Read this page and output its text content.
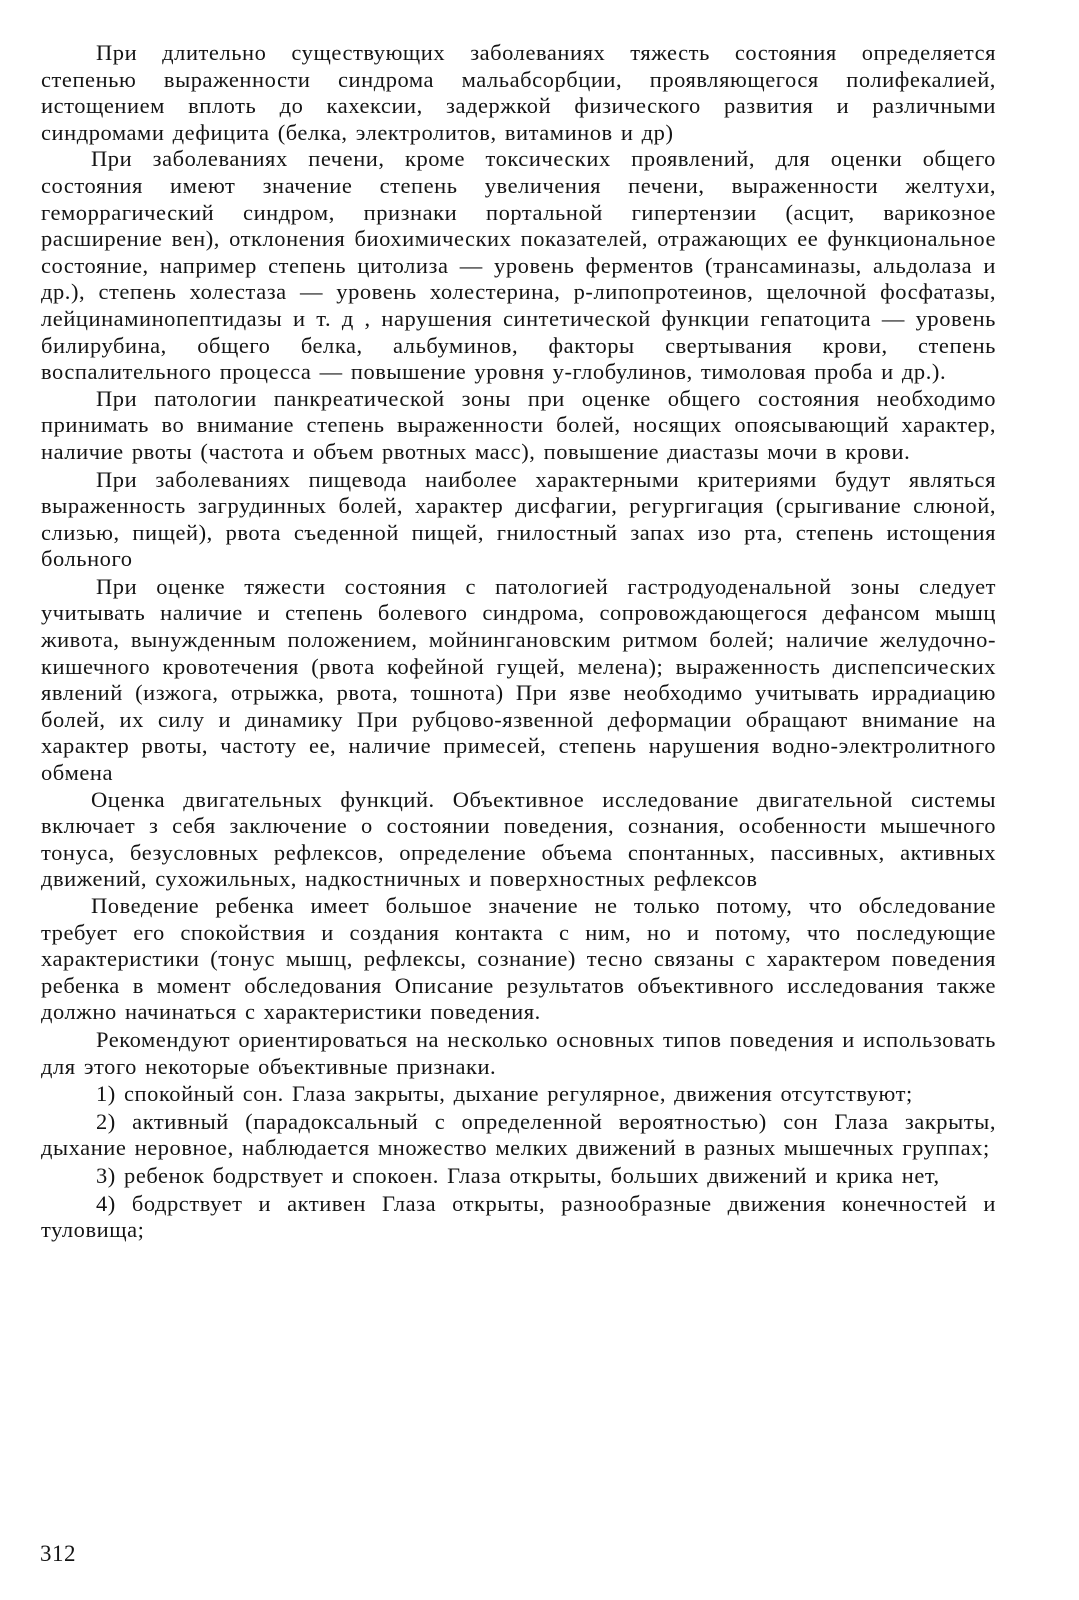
При длительно существующих заболеваниях тяжесть состояния определяется степенью выраженности синдрома мальабсорбции, проявляющегося полифекалией, истощением вплоть до кахексии, задержкой физического развития и различными синдромами дефицита (белка, электролитов, витаминов и др)

При заболеваниях печени, кроме токсических проявлений, для оценки общего состояния имеют значение степень увеличения печени, выраженности желтухи, геморрагический синдром, признаки портальной гипертензии (асцит, варикозное расширение вен), отклонения биохимических показателей, отражающих ее функциональное состояние, например степень цитолиза — уровень ферментов (трансаминазы, альдолаза и др.), степень холестаза — уровень холестерина, р-липопротеинов, щелочной фосфатазы, лейцинаминопептидазы и т. д , нарушения синтетической функции гепатоцита — уровень билирубина, общего белка, альбуминов, факторы свертывания крови, степень воспалительного процесса — повышение уровня у-глобулинов, тимоловая проба и др.).

При патологии панкреатической зоны при оценке общего состояния необходимо принимать во внимание степень выраженности болей, носящих опоясывающий характер, наличие рвоты (частота и объем рвотных масс), повышение диастазы мочи в крови.

При заболеваниях пищевода наиболее характерными критериями будут являться выраженность загрудинных болей, характер дисфагии, регургигация (срыгивание слюной, слизью, пищей), рвота съеденной пищей, гнилостный запах изо рта, степень истощения больного

При оценке тяжести состояния с патологией гастродуоденальной зоны следует учитывать наличие и степень болевого синдрома, сопровождающегося дефансом мышц живота, вынужденным положением, мойнингановским ритмом болей; наличие желудочно-кишечного кровотечения (рвота кофейной гущей, мелена); выраженность диспепсических явлений (изжога, отрыжка, рвота, тошнота) При язве необходимо учитывать иррадиацию болей, их силу и динамику При рубцово-язвенной деформации обращают внимание на характер рвоты, частоту ее, наличие примесей, степень нарушения водно-электролитного обмена

Оценка двигательных функций. Объективное исследование двигательной системы включает з себя заключение о состоянии поведения, сознания, особенности мышечного тонуса, безусловных рефлексов, определение объема спонтанных, пассивных, активных движений, сухожильных, надкостничных и поверхностных рефлексов

Поведение ребенка имеет большое значение не только потому, что обследование требует его спокойствия и создания контакта с ним, но и потому, что последующие характеристики (тонус мышц, рефлексы, сознание) тесно связаны с характером поведения ребенка в момент обследования Описание результатов объективного исследования также должно начинаться с характеристики поведения.

Рекомендуют ориентироваться на несколько основных типов поведения и использовать для этого некоторые объективные признаки.

1) спокойный сон. Глаза закрыты, дыхание регулярное, движения отсутствуют;

2) активный (парадоксальный с определенной вероятностью) сон Глаза закрыты, дыхание неровное, наблюдается множество мелких движений в разных мышечных группах;

3) ребенок бодрствует и спокоен. Глаза открыты, больших движений и крика нет,

4) бодрствует и активен Глаза открыты, разнообразные движения конечностей и туловища;

312
